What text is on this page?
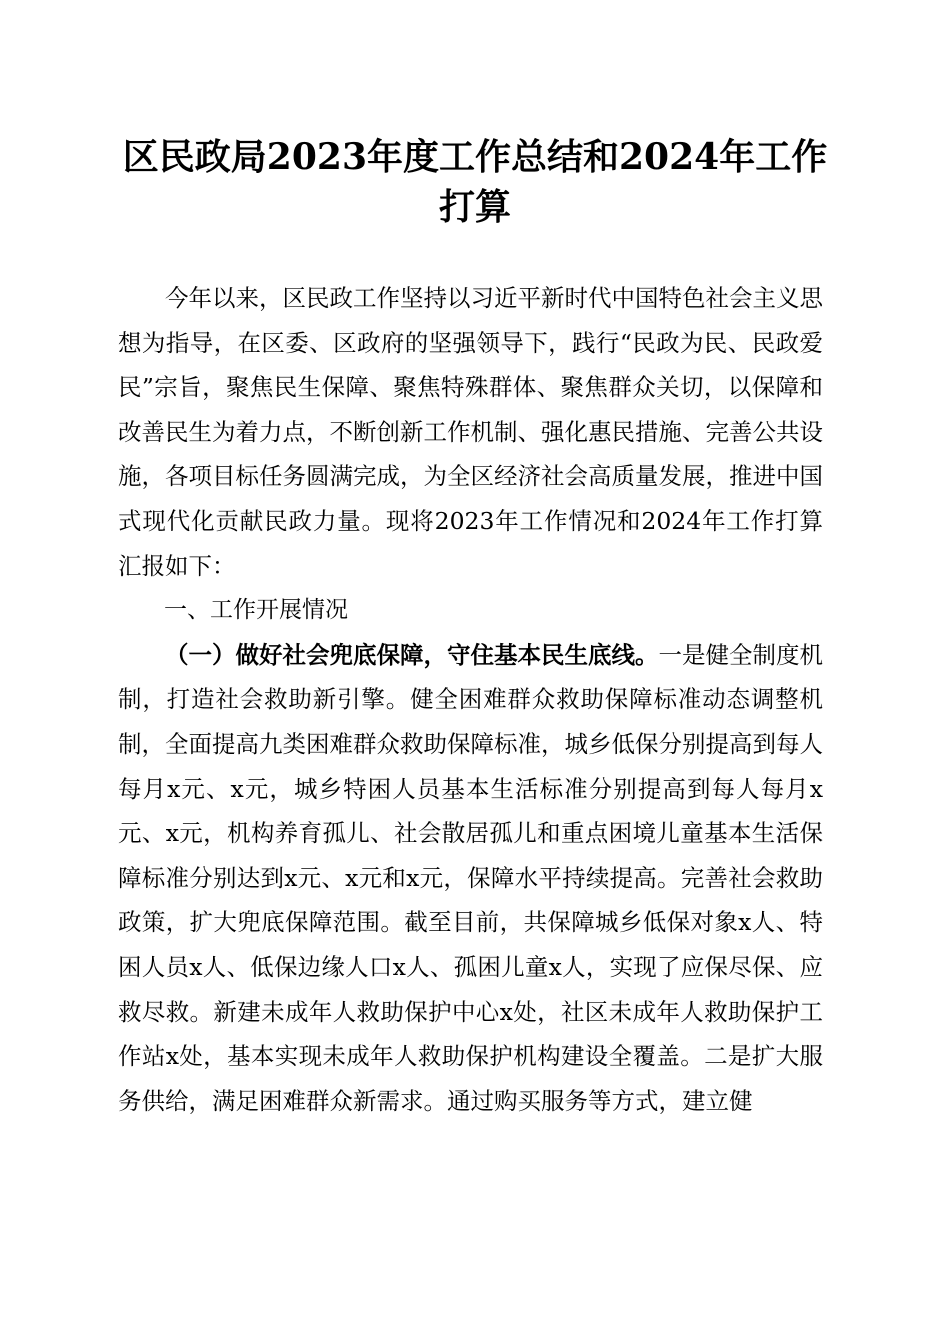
区民政局2023年度工作总结和2024年工作打算

今年以来，区民政工作坚持以习近平新时代中国特色社会主义思想为指导，在区委、区政府的坚强领导下，践行“民政为民、民政爱民”宗旨，聚焦民生保障、聚焦特殊群体、聚焦群众关切，以保障和改善民生为着力点，不断创新工作机制、强化惠民措施、完善公共设施，各项目标任务圆满完成，为全区经济社会高质量发展，推进中国式现代化贡献民政力量。现将2023年工作情况和2024年工作打算汇报如下：

一、工作开展情况

（一）做好社会兜底保障，守住基本民生底线。一是健全制度机制，打造社会救助新引擎。健全困难群众救助保障标准动态调整机制，全面提高九类困难群众救助保障标准，城乡低保分别提高到每人每月x元、x元，城乡特困人员基本生活标准分别提高到每人每月x元、x元，机构养育孤儿、社会散居孤儿和重点困境儿童基本生活保障标准分别达到x元、x元和x元，保障水平持续提高。完善社会救助政策，扩大兜底保障范围。截至目前，共保障城乡低保对象x人、特困人员x人、低保边缘人口x人、孤困儿童x人，实现了应保尽保、应救尽救。新建未成年人救助保护中心x处，社区未成年人救助保护工作站x处，基本实现未成年人救助保护机构建设全覆盖。二是扩大服务供给，满足困难群众新需求。通过购买服务等方式，建立健
